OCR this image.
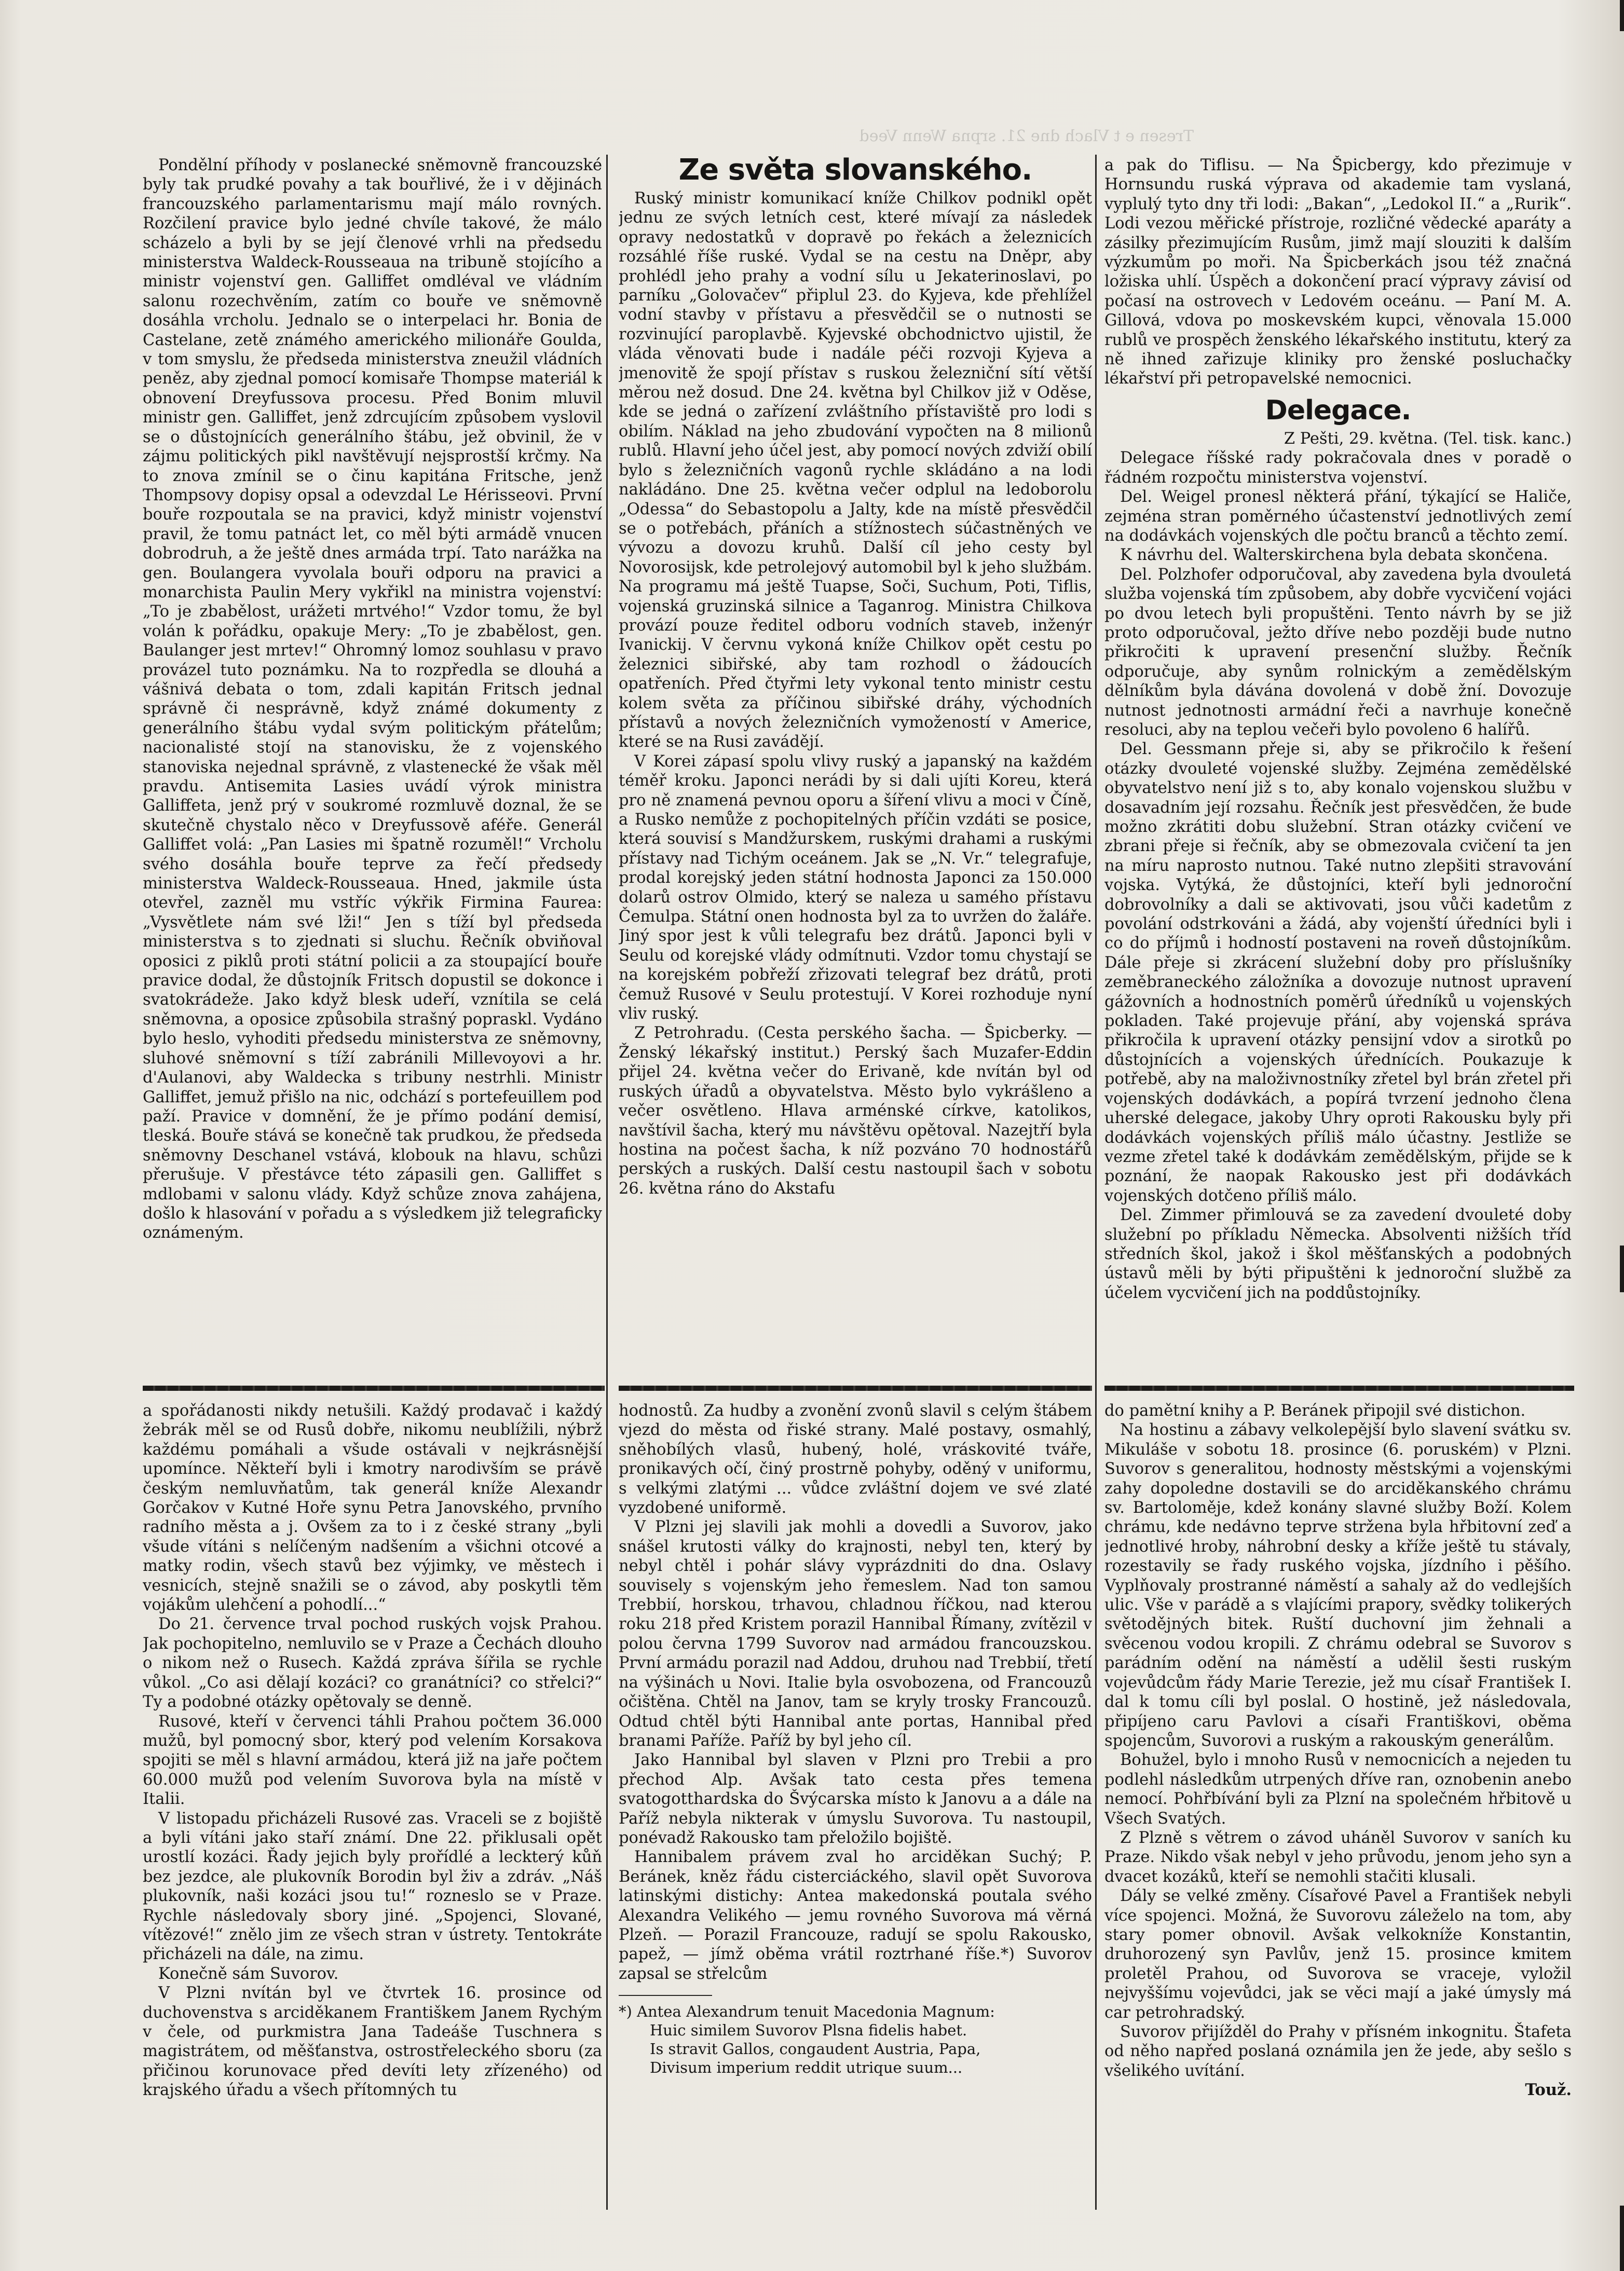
Tresen e t Vlach dne 21. srpna Wenn Veed

Pondělní příhody v poslanecké sněmovně francouzské byly tak prudké povahy a tak bouřlivé, že i v dějinách francouzského parlamentarismu mají málo rovných. Rozčilení pravice bylo jedné chvíle takové, že málo scházelo a byli by se její členové vrhli na předsedu ministerstva Waldeck-Rousseaua na tribuně stojícího a ministr vojenství gen. Galliffet omdléval ve vládním salonu rozechvěním, zatím co bouře ve sněmovně dosáhla vrcholu. Jednalo se o interpelaci hr. Bonia de Castelane, zetě známého amerického milionáře Goulda, v tom smyslu, že předseda ministerstva zneužil vládních peněz, aby zjednal pomocí komisaře Thompse materiál k obnovení Dreyfussova procesu. Před Bonim mluvil ministr gen. Galliffet, jenž zdrcujícím způsobem vyslovil se o důstojnících generálního štábu, jež obvinil, že v zájmu politických pikl navštěvují nejsprostší krčmy. Na to znova zmínil se o činu kapitána Fritsche, jenž Thompsovy dopisy opsal a odevzdal Le Hérisseovi. První bouře rozpoutala se na pravici, když ministr vojenství pravil, že tomu patnáct let, co měl býti armádě vnucen dobrodruh, a že ještě dnes armáda trpí. Tato narážka na gen. Boulangera vyvolala bouři odporu na pravici a monarchista Paulin Mery vykřikl na ministra vojenství: „To je zbabělost, urážeti mrtvého!“ Vzdor tomu, že byl volán k pořádku, opakuje Mery: „To je zbabělost, gen. Baulanger jest mrtev!“ Ohromný lomoz souhlasu v pravo provázel tuto poznámku. Na to rozpředla se dlouhá a vášnivá debata o tom, zdali kapitán Fritsch jednal správně či nesprávně, když známé dokumenty z generálního štábu vydal svým politickým přátelům; nacionalisté stojí na stanovisku, že z vojenského stanoviska nejednal správně, z vlastenecké že však měl pravdu. Antisemita Lasies uvádí výrok ministra Galliffeta, jenž prý v soukromé rozmluvě doznal, že se skutečně chystalo něco v Dreyfussově aféře. Generál Galliffet volá: „Pan Lasies mi špatně rozuměl!“ Vrcholu svého dosáhla bouře teprve za řečí předsedy ministerstva Waldeck-Rousseaua. Hned, jakmile ústa otevřel, zazněl mu vstříc výkřik Firmina Faurea: „Vysvětlete nám své lži!“ Jen s tíží byl předseda ministerstva s to zjednati si sluchu. Řečník obviňoval oposici z piklů proti státní policii a za stoupající bouře pravice dodal, že důstojník Fritsch dopustil se dokonce i svatokrádeže. Jako když blesk udeří, vznítila se celá sněmovna, a oposice způsobila strašný popraskl. Vydáno bylo heslo, vyhoditi předsedu ministerstva ze sněmovny, sluhové sněmovní s tíží zabránili Millevoyovi a hr. d'Aulanovi, aby Waldecka s tribuny nestrhli. Ministr Galliffet, jemuž přišlo na nic, odchází s portefeuillem pod paží. Pravice v domnění, že je přímo podání demisí, tleská. Bouře stává se konečně tak prudkou, že předseda sněmovny Deschanel vstává, klobouk na hlavu, schůzi přerušuje. V přestávce této zápasili gen. Galliffet s mdlobami v salonu vlády. Když schůze znova zahájena, došlo k hlasování v pořadu a s výsledkem již telegraficky oznámeným.

a spořádanosti nikdy netušili. Každý prodavač i každý žebrák měl se od Rusů dobře, nikomu neublížili, nýbrž každému pomáhali a všude ostávali v nejkrásnější upomínce. Někteří byli i kmotry narodivším se právě českým nemluvňatům, tak generál kníže Alexandr Gorčakov v Kutné Hoře synu Petra Janovského, prvního radního města a j. Ovšem za to i z české strany „byli všude vítáni s nelíčeným nadšením a všichni otcové a matky rodin, všech stavů bez výjimky, ve městech i vesnicích, stejně snažili se o závod, aby poskytli těm vojákům ulehčení a pohodlí...“

Do 21. července trval pochod ruských vojsk Prahou. Jak pochopitelno, nemluvilo se v Praze a Čechách dlouho o nikom než o Rusech. Každá zpráva šířila se rychle vůkol. „Co asi dělají kozáci? co granátníci? co střelci?“ Ty a podobné otázky opětovaly se denně.

Rusové, kteří v červenci táhli Prahou počtem 36.000 mužů, byl pomocný sbor, který pod velením Korsakova spojiti se měl s hlavní armádou, která již na jaře počtem 60.000 mužů pod velením Suvorova byla na místě v Italii.

V listopadu přicházeli Rusové zas. Vraceli se z bojiště a byli vítáni jako staří známí. Dne 22. přiklusali opět urostlí kozáci. Řady jejich byly prořídlé a leckterý kůň bez jezdce, ale plukovník Borodin byl živ a zdráv. „Náš plukovník, naši kozáci jsou tu!“ rozneslo se v Praze. Rychle následovaly sbory jiné. „Spojenci, Slované, vítězové!“ znělo jim ze všech stran v ústrety. Tentokráte přicházeli na dále, na zimu.

Konečně sám Suvorov.

V Plzni nvítán byl ve čtvrtek 16. prosince od duchovenstva s arciděkanem Františkem Janem Rychým v čele, od purkmistra Jana Tadeáše Tuschnera s magistrátem, od měšťanstva, ostrostřeleckého sboru (za přičinou korunovace před devíti lety zřízeného) od krajského úřadu a všech přítomných tu

Ze světa slovanského.

Ruský ministr komunikací kníže Chilkov podnikl opět jednu ze svých letních cest, které mívají za následek opravy nedostatků v dopravě po řekách a železnicích rozsáhlé říše ruské. Vydal se na cestu na Dněpr, aby prohlédl jeho prahy a vodní sílu u Jekaterinoslavi, po parníku „Golovačev“ připlul 23. do Kyjeva, kde přehlížel vodní stavby v přístavu a přesvědčil se o nutnosti se rozvinující paroplavbě. Kyjevské obchodnictvo ujistil, že vláda věnovati bude i nadále péči rozvoji Kyjeva a jmenovitě že spojí přístav s ruskou železniční sítí větší měrou než dosud. Dne 24. května byl Chilkov již v Oděse, kde se jedná o zařízení zvláštního přístaviště pro lodi s obilím. Náklad na jeho zbudování vypočten na 8 milionů rublů. Hlavní jeho účel jest, aby pomocí nových zdviží obilí bylo s železničních vagonů rychle skládáno a na lodi nakládáno. Dne 25. května večer odplul na ledoborolu „Odessa“ do Sebastopolu a Jalty, kde na místě přesvědčil se o potřebách, přáních a stížnostech súčastněných ve vývozu a dovozu kruhů. Další cíl jeho cesty byl Novorosijsk, kde petrolejový automobil byl k jeho službám. Na programu má ještě Tuapse, Soči, Suchum, Poti, Tiflis, vojenská gruzinská silnice a Taganrog. Ministra Chilkova provází pouze ředitel odboru vodních staveb, inženýr Ivanickij. V červnu vykoná kníže Chilkov opět cestu po železnici sibiřské, aby tam rozhodl o žádoucích opatřeních. Před čtyřmi lety vykonal tento ministr cestu kolem světa za příčinou sibiřské dráhy, východních přístavů a nových železničních vymožeností v Americe, které se na Rusi zavádějí.

V Korei zápasí spolu vlivy ruský a japanský na každém téměř kroku. Japonci nerádi by si dali ujíti Koreu, která pro ně znamená pevnou oporu a šíření vlivu a moci v Číně, a Rusko nemůže z pochopitelných příčin vzdáti se posice, která souvisí s Mandžurskem, ruskými drahami a ruskými přístavy nad Tichým oceánem. Jak se „N. Vr.“ telegrafuje, prodal korejský jeden státní hodnosta Japonci za 150.000 dolarů ostrov Olmido, který se naleza u samého přístavu Čemulpa. Státní onen hodnosta byl za to uvržen do žaláře. Jiný spor jest k vůli telegrafu bez drátů. Japonci byli v Seulu od korejské vlády odmítnuti. Vzdor tomu chystají se na korejském pobřeží zřizovati telegraf bez drátů, proti čemuž Rusové v Seulu protestují. V Korei rozhoduje nyní vliv ruský.

Z Petrohradu. (Cesta perského šacha. — Špicberky. — Ženský lékařský institut.) Perský šach Muzafer-Eddin přijel 24. května večer do Erivaně, kde nvítán byl od ruských úřadů a obyvatelstva. Město bylo vykrášleno a večer osvětleno. Hlava arménské církve, katolikos, navštívil šacha, který mu návštěvu opětoval. Nazejtří byla hostina na počest šacha, k níž pozváno 70 hodnostářů perských a ruských. Další cestu nastoupil šach v sobotu 26. května ráno do Akstafu

hodnostů. Za hudby a zvonění zvonů slavil s celým štábem vjezd do města od řiské strany. Malé postavy, osmahlý, sněhobílých vlasů, hubený, holé, vráskovité tváře, pronikavých očí, činý prostrně pohyby, oděný v uniformu, s velkými zlatými ... vůdce zvláštní dojem ve své zlaté vyzdobené uniformě.

V Plzni jej slavili jak mohli a dovedli a Suvorov, jako snášel krutosti války do krajnosti, nebyl ten, který by nebyl chtěl i pohár slávy vyprázdniti do dna. Oslavy souvisely s vojenským jeho řemeslem. Nad ton samou Trebbií, horskou, trhavou, chladnou říčkou, nad kterou roku 218 před Kristem porazil Hannibal Římany, zvítězil v polou června 1799 Suvorov nad armádou francouzskou. První armádu porazil nad Addou, druhou nad Trebbií, třetí na výšinách u Novi. Italie byla osvobozena, od Francouzů očištěna. Chtěl na Janov, tam se kryly trosky Francouzů. Odtud chtěl býti Hannibal ante portas, Hannibal před branami Paříže. Paříž by byl jeho cíl.

Jako Hannibal byl slaven v Plzni pro Trebii a pro přechod Alp. Avšak tato cesta přes temena svatogotthardska do Švýcarska místo k Janovu a a dále na Paříž nebyla nikterak v úmyslu Suvorova. Tu nastoupil, ponévadž Rakousko tam přeložilo bojiště.

Hannibalem právem zval ho arciděkan Suchý; P. Beránek, kněz řádu cisterciáckého, slavil opět Suvorova latinskými distichy: Antea makedonská poutala svého Alexandra Velikého — jemu rovného Suvorova má věrná Plzeň. — Porazil Francouze, radují se spolu Rakousko, papež, — jímž oběma vrátil roztrhané říše.*) Suvorov zapsal se střelcům

*) Antea Alexandrum tenuit Macedonia Magnum:
Huic similem Suvorov Plsna fidelis habet.
Is stravit Gallos, congaudent Austria, Papa,
Divisum imperium reddit utrique suum...

a pak do Tiflisu. — Na Špicbergy, kdo přezimuje v Hornsundu ruská výprava od akademie tam vyslaná, vyplulý tyto dny tři lodi: „Bakan“, „Ledokol II.“ a „Rurik“. Lodi vezou měřické přístroje, rozličné vědecké aparáty a zásilky přezimujícím Rusům, jimž mají slouziti k dalším výzkumům po moři. Na Špicberkách jsou též značná ložiska uhlí. Úspěch a dokončení prací výpravy závisí od počasí na ostrovech v Ledovém oceánu. — Paní M. A. Gillová, vdova po moskevském kupci, věnovala 15.000 rublů ve prospěch ženského lékařského institutu, který za ně ihned zařizuje kliniky pro ženské posluchačky lékařství při petropavelské nemocnici.

Delegace.

Z Pešti, 29. května. (Tel. tisk. kanc.)

Delegace říšské rady pokračovala dnes v poradě o řádném rozpočtu ministerstva vojenství.

Del. Weigel pronesl některá přání, týkající se Haliče, zejména stran poměrného účastenství jednotlivých zemí na dodávkách vojenských dle počtu branců a těchto zemí.

K návrhu del. Walterskirchena byla debata skončena.

Del. Polzhofer odporučoval, aby zavedena byla dvouletá služba vojenská tím způsobem, aby dobře vycvičení vojáci po dvou letech byli propuštěni. Tento návrh by se již proto odporučoval, ježto dříve nebo později bude nutno přikročiti k upravení presenční služby. Řečník odporučuje, aby synům rolnickým a zemědělským dělníkům byla dávána dovolená v době žní. Dovozuje nutnost jednotnosti armádní řeči a navrhuje konečně resoluci, aby na teplou večeři bylo povoleno 6 halířů.

Del. Gessmann přeje si, aby se přikročilo k řešení otázky dvouleté vojenské služby. Zejména zemědělské obyvatelstvo není již s to, aby konalo vojenskou službu v dosavadním její rozsahu. Řečník jest přesvědčen, že bude možno zkrátiti dobu služební. Stran otázky cvičení ve zbrani přeje si řečník, aby se obmezovala cvičení ta jen na míru naprosto nutnou. Také nutno zlepšiti stravování vojska. Vytýká, že důstojníci, kteří byli jednoroční dobrovolníky a dali se aktivovati, jsou vůči kadetům z povolání odstrkováni a žádá, aby vojenští úředníci byli i co do příjmů i hodností postaveni na roveň důstojníkům. Dále přeje si zkrácení služební doby pro příslušníky zeměbraneckého záložníka a dovozuje nutnost upravení gážovních a hodnostních poměrů úředníků u vojenských pokladen. Také projevuje přání, aby vojenská správa přikročila k upravení otázky pensijní vdov a sirotků po důstojnících a vojenských úřednících. Poukazuje k potřebě, aby na maloživnostníky zřetel byl brán zřetel při vojenských dodávkách, a popírá tvrzení jednoho člena uherské delegace, jakoby Uhry oproti Rakousku byly při dodávkách vojenských příliš málo účastny. Jestliže se vezme zřetel také k dodávkám zemědělským, přijde se k poznání, že naopak Rakousko jest při dodávkách vojenských dotčeno příliš málo.

Del. Zimmer přimlouvá se za zavedení dvouleté doby služební po příkladu Německa. Absolventi nižších tříd středních škol, jakož i škol měšťanských a podobných ústavů měli by býti připuštěni k jednoroční službě za účelem vycvičení jich na poddůstojníky.

do pamětní knihy a P. Beránek připojil své distichon.

Na hostinu a zábavy velkolepější bylo slavení svátku sv. Mikuláše v sobotu 18. prosince (6. poruském) v Plzni. Suvorov s generalitou, hodnosty městskými a vojenskými zahy dopoledne dostavili se do arciděkanského chrámu sv. Bartoloměje, kdež konány slavné služby Boží. Kolem chrámu, kde nedávno teprve stržena byla hřbitovní zeď a jednotlivé hroby, náhrobní desky a kříže ještě tu stávaly, rozestavily se řady ruského vojska, jízdního i pěšího. Vyplňovaly prostranné náměstí a sahaly až do vedlejších ulic. Vše v parádě a s vlajícími prapory, svědky tolikerých světodějných bitek. Ruští duchovní jim žehnali a svěcenou vodou kropili. Z chrámu odebral se Suvorov s parádním odění na náměstí a udělil šesti ruským vojevůdcům řády Marie Terezie, jež mu císař František I. dal k tomu cíli byl poslal. O hostině, jež následovala, připíjeno caru Pavlovi a císaři Františkovi, oběma spojencům, Suvorovi a ruským a rakouským generálům.

Bohužel, bylo i mnoho Rusů v nemocnicích a nejeden tu podlehl následkům utrpených dříve ran, oznobenin anebo nemocí. Pohřbívání byli za Plzní na společném hřbitově u Všech Svatých.

Z Plzně s větrem o závod uháněl Suvorov v saních ku Praze. Nikdo však nebyl v jeho průvodu, jenom jeho syn a dvacet kozáků, kteří se nemohli stačiti klusali.

Dály se velké změny. Císařové Pavel a František nebyli více spojenci. Možná, že Suvorovu záleželo na tom, aby stary pomer obnovil. Avšak velkokníže Konstantin, druhorozený syn Pavlův, jenž 15. prosince kmitem proletěl Prahou, od Suvorova se vraceje, vyložil nejvyššímu vojevůdci, jak se věci mají a jaké úmysly má car petrohradský.

Suvorov přijížděl do Prahy v přísném inkognitu. Štafeta od něho napřed poslaná oznámila jen že jede, aby sešlo s všelikého uvítání.

Touž.
